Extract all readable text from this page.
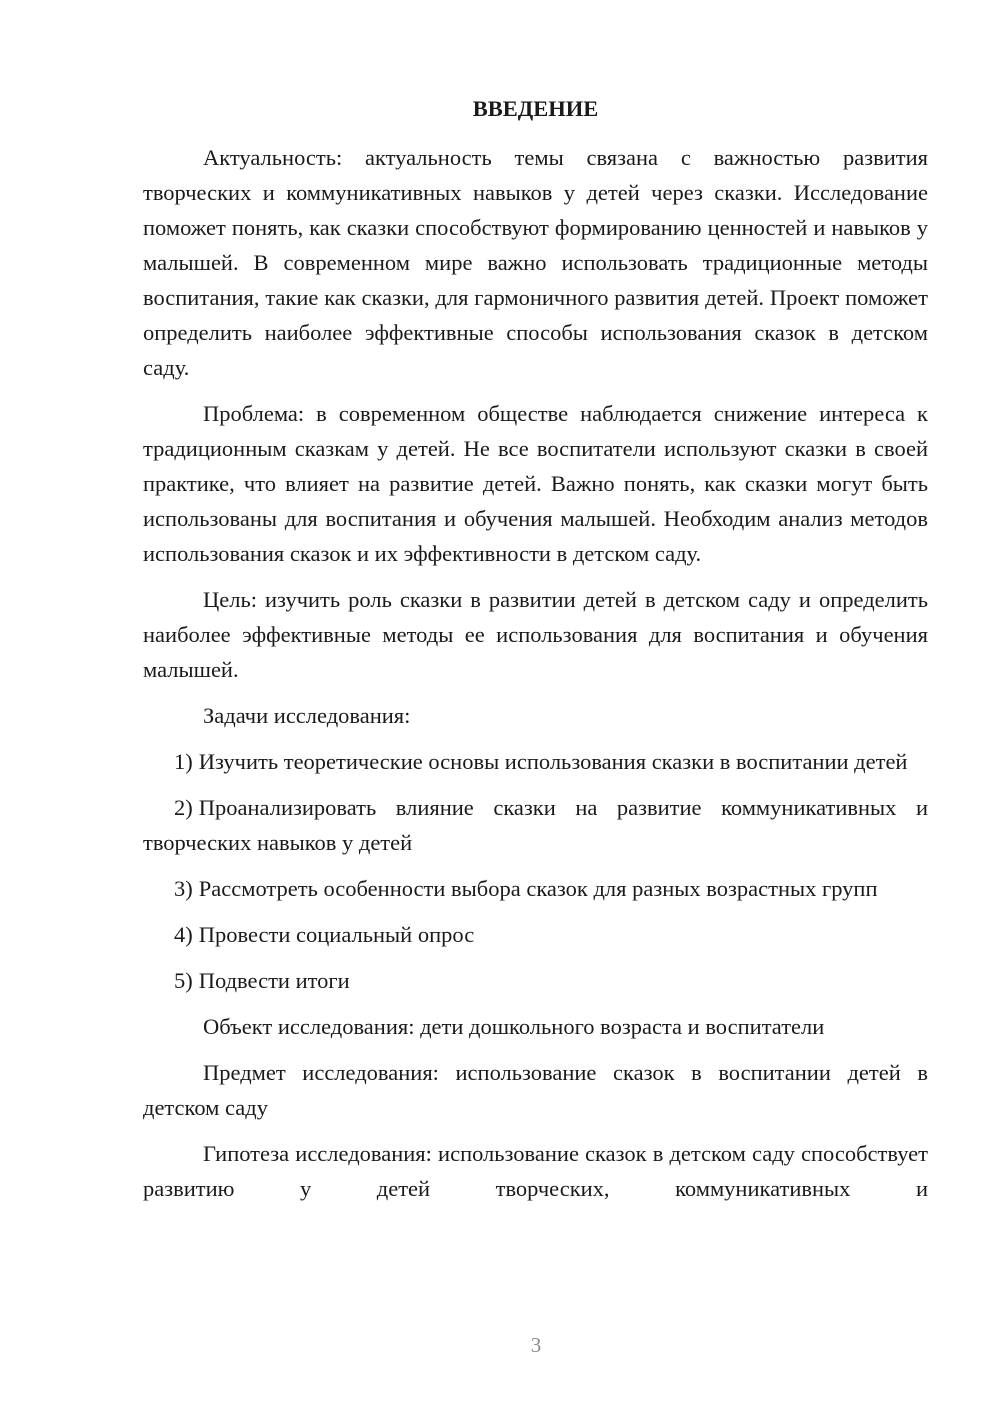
ВВЕДЕНИЕ

Актуальность: актуальность темы связана с важностью развития творческих и коммуникативных навыков у детей через сказки. Исследование поможет понять, как сказки способствуют формированию ценностей и навыков у малышей. В современном мире важно использовать традиционные методы воспитания, такие как сказки, для гармоничного развития детей. Проект поможет определить наиболее эффективные способы использования сказок в детском саду.

Проблема: в современном обществе наблюдается снижение интереса к традиционным сказкам у детей. Не все воспитатели используют сказки в своей практике, что влияет на развитие детей. Важно понять, как сказки могут быть использованы для воспитания и обучения малышей. Необходим анализ методов использования сказок и их эффективности в детском саду.

Цель: изучить роль сказки в развитии детей в детском саду и определить наиболее эффективные методы ее использования для воспитания и обучения малышей.

Задачи исследования:

1) Изучить теоретические основы использования сказки в воспитании детей

2) Проанализировать влияние сказки на развитие коммуникативных и творческих навыков у детей

3) Рассмотреть особенности выбора сказок для разных возрастных групп

4) Провести социальный опрос

5) Подвести итоги

Объект исследования: дети дошкольного возраста и воспитатели

Предмет исследования: использование сказок в воспитании детей в детском саду

Гипотеза исследования: использование сказок в детском саду способствует развитию у детей творческих, коммуникативных и

3
